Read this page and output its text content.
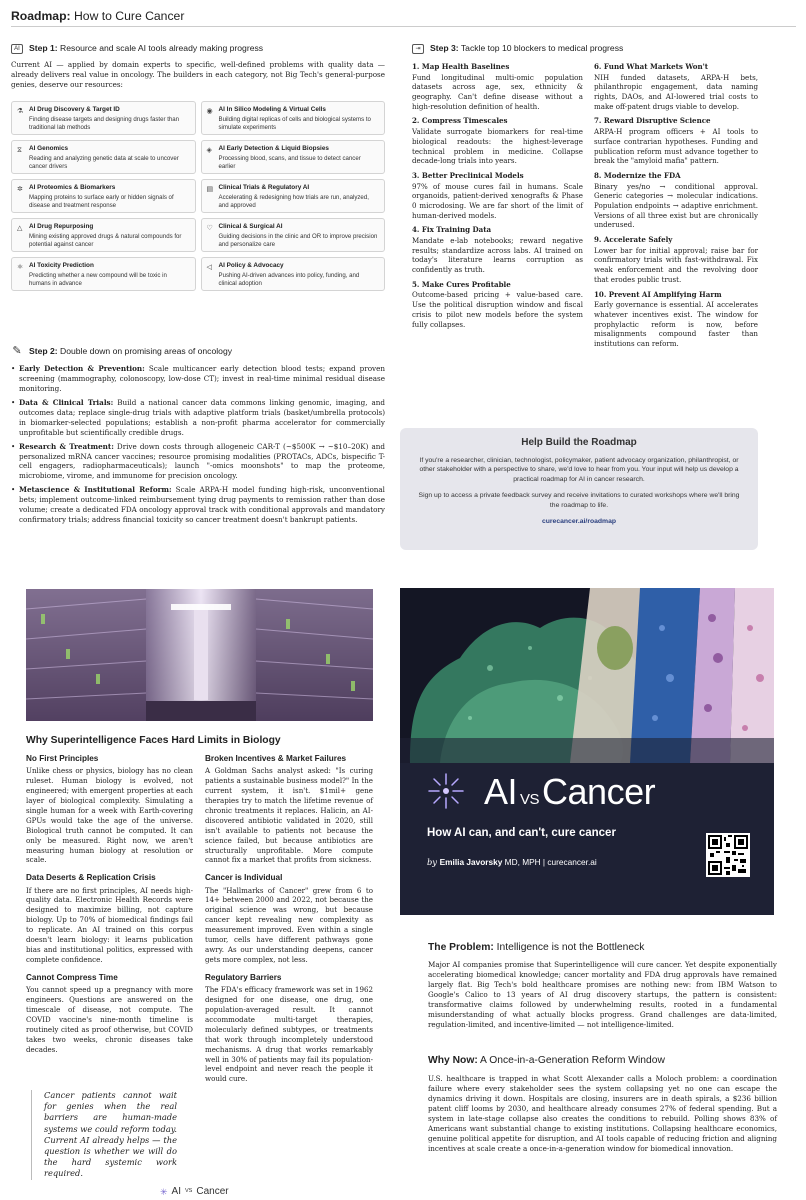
Roadmap: How to Cure Cancer
AI	Step 1: Resource and scale AI tools already making progress
Current AI — applied by domain experts to specific, well-defined problems with quality data — already delivers real value in oncology. The builders in each category, not Big Tech's general-purpose genies, deserve our resources:
⚗ AI Drug Discovery & Target ID
Finding disease targets and designing drugs faster than traditional lab methods
◉ AI In Silico Modeling & Virtual Cells
Building digital replicas of cells and biological systems to simulate experiments
⧖	AI Genomics
Reading and analyzing genetic data at scale to uncover cancer drivers
◈	AI Early Detection & Liquid Biopsies
Processing blood, scans, and tissue to detect cancer earlier
✲ AI Proteomics & Biomarkers
Mapping proteins to surface early or hidden signals of disease and treatment response
▤ Clinical Trials & Regulatory AI
Accelerating & redesigning how trials are run, analyzed, and approved
△	AI Drug Repurposing
Mining existing approved drugs & natural compounds for potential against cancer
♡ Clinical & Surgical AI
Guiding decisions in the clinic and OR to improve precision and personalize care
⚛ AI Toxicity Prediction
Predicting whether a new compound will be toxic in humans in advance
◁	AI Policy & Advocacy
Pushing AI-driven advances into policy, funding, and clinical adoption
✎ Step 2: Double down on promising areas of oncology
• Early Detection & Prevention: Scale multicancer early detection blood tests; expand proven screening (mammography, colonoscopy, low-dose CT); invest in real-time minimal residual disease monitoring.
• Data & Clinical Trials: Build a national cancer data commons linking genomic, imaging, and outcomes data; replace single-drug trials with adaptive platform trials (basket/umbrella protocols) in biomarker-selected populations; establish a non-profit pharma accelerator for commercially unprofitable but scientifically credible drugs.
• Research & Treatment: Drive down costs through allogeneic CAR-T (~$500K → ~$10–20K) and personalized mRNA cancer vaccines; resource promising modalities (PROTACs, ADCs, bispecific T-cell engagers, radiopharmaceuticals); launch "-omics moonshots" to map the proteome, microbiome, virome, and immunome for precision oncology.
• Metascience & Institutional Reform: Scale ARPA-H model funding high-risk, unconventional bets; implement outcome-linked reimbursement tying drug payments to remission rather than dose volume; create a dedicated FDA oncology approval track with conditional approvals and mandatory confirmatory trials; address financial toxicity so cancer treatment doesn't bankrupt patients.
⇥	Step 3: Tackle top 10 blockers to medical progress
1. Map Health Baselines
Fund longitudinal multi-omic population datasets across age, sex, ethnicity & geography. Can't define disease without a high-resolution definition of health.
2. Compress Timescales
Validate surrogate biomarkers for real-time biological readouts: the highest-leverage technical problem in medicine. Collapse decade-long trials into years.
3. Better Preclinical Models
97% of mouse cures fail in humans. Scale organoids, patient-derived xenografts & Phase 0 microdosing. We are far short of the limit of human-derived models.
4. Fix Training Data
Mandate e-lab notebooks; reward negative results; standardize across labs. AI trained on today's literature learns corruption as confidently as truth.
5. Make Cures Profitable
Outcome-based pricing + value-based care. Use the political disruption window and fiscal crisis to pilot new models before the system fully collapses.
6. Fund What Markets Won't
NIH funded datasets, ARPA-H bets, philanthropic engagement, data naming rights, DAOs, and AI-lowered trial costs to make off-patent drugs viable to develop.
7. Reward Disruptive Science
ARPA-H program officers + AI tools to surface contrarian hypotheses. Funding and publication reform must advance together to break the "amyloid mafia" pattern.
8. Modernize the FDA
Binary yes/no → conditional approval. Generic categories → molecular indications. Population endpoints → adaptive enrichment. Versions of all three exist but are chronically underused.
9. Accelerate Safely
Lower bar for initial approval; raise bar for confirmatory trials with fast-withdrawal. Fix weak enforcement and the revolving door that erodes public trust.
10. Prevent AI Amplifying Harm
Early governance is essential. AI accelerates whatever incentives exist. The window for prophylactic reform is now, before misalignments compound faster than institutions can reform.
Help Build the Roadmap
If you're a researcher, clinician, technologist, policymaker, patient advocacy organization, philanthropist, or other stakeholder with a perspective to share, we'd love to hear from you. Your input will help us develop a practical roadmap for AI in cancer research.
Sign up to access a private feedback survey and receive invitations to curated workshops where we'll bring the roadmap to life.
curecancer.ai/roadmap
AI VSCancer
How AI can, and can't, cure cancer
by Emilia Javorsky MD, MPH | curecancer.ai
Why Superintelligence Faces Hard Limits in Biology
No First Principles

Unlike chess or physics, biology has no clean ruleset. Human biology is evolved, not engineered; with emergent properties at each layer of biological complexity. Simulating a single human for a week with Earth-covering GPUs would take the age of the universe. Biological truth cannot be computed. It can only be measured. Right now, we aren't measuring human biology at resolution or scale.

Data Deserts & Replication Crisis

If there are no first principles, AI needs high-quality data. Electronic Health Records were designed to maximize billing, not capture biology. Up to 70% of biomedical findings fail to replicate. An AI trained on this corpus doesn't learn biology: it learns publication bias and institutional politics, expressed with complete confidence.

Cannot Compress Time

You cannot speed up a pregnancy with more engineers. Questions are answered on the timescale of disease, not compute. The COVID vaccine's nine-month timeline is routinely cited as proof otherwise, but COVID takes two weeks, chronic diseases take decades.

Broken Incentives & Market Failures

A Goldman Sachs analyst asked: "Is curing patients a sustainable business model?" In the current system, it isn't. $1mil+ gene therapies try to match the lifetime revenue of chronic treatments it replaces. Halicin, an AI-discovered antibiotic validated in 2020, still isn't available to patients not because the science failed, but because antibiotics are structurally unprofitable. More compute cannot fix a market that profits from sickness.

Cancer is Individual

The "Hallmarks of Cancer" grew from 6 to 14+ between 2000 and 2022, not because the original science was wrong, but because cancer kept revealing new complexity as measurement improved. Even within a single tumor, cells have different pathways gone awry. As our understanding deepens, cancer gets more complex, not less.

Regulatory Barriers

The FDA's efficacy framework was set in 1962 designed for one disease, one drug, one population-averaged result. It cannot accommodate multi-target therapies, molecularly defined subtypes, or treatments that work through incompletely understood mechanisms. A drug that works remarkably well in 30% of patients may fail its population-level endpoint and never reach the people it would cure.

Cancer patients cannot wait for genies when the real barriers are human-made systems we could reform today. Current AI already helps — the question is whether we will do the hard systemic work required.
✳ AI VS Cancer
The Problem: Intelligence is not the Bottleneck
Major AI companies promise that Superintelligence will cure cancer. Yet despite exponentially accelerating biomedical knowledge; cancer mortality and FDA drug approvals have remained largely flat. Big Tech's bold healthcare promises are nothing new: from IBM Watson to Google's Calico to 13 years of AI drug discovery startups, the pattern is consistent: transformative claims followed by underwhelming results, rooted in a fundamental misunderstanding of what actually blocks progress. Grand challenges are data-limited, regulation-limited, and incentive-limited — not intelligence-limited.
Why Now: A Once-in-a-Generation Reform Window
U.S. healthcare is trapped in what Scott Alexander calls a Moloch problem: a coordination failure where every stakeholder sees the system collapsing yet no one can escape the dynamics driving it down. Hospitals are closing, insurers are in death spirals, a $236 billion patent cliff looms by 2030, and healthcare already consumes 27% of federal spending. But a system in late-stage collapse also creates the conditions to rebuild. Polling shows 83% of Americans want substantial change to existing institutions. Collapsing healthcare economics, genuine political appetite for disruption, and AI tools capable of reducing friction and aligning incentives at scale create a once-in-a-generation window for biomedical innovation.
